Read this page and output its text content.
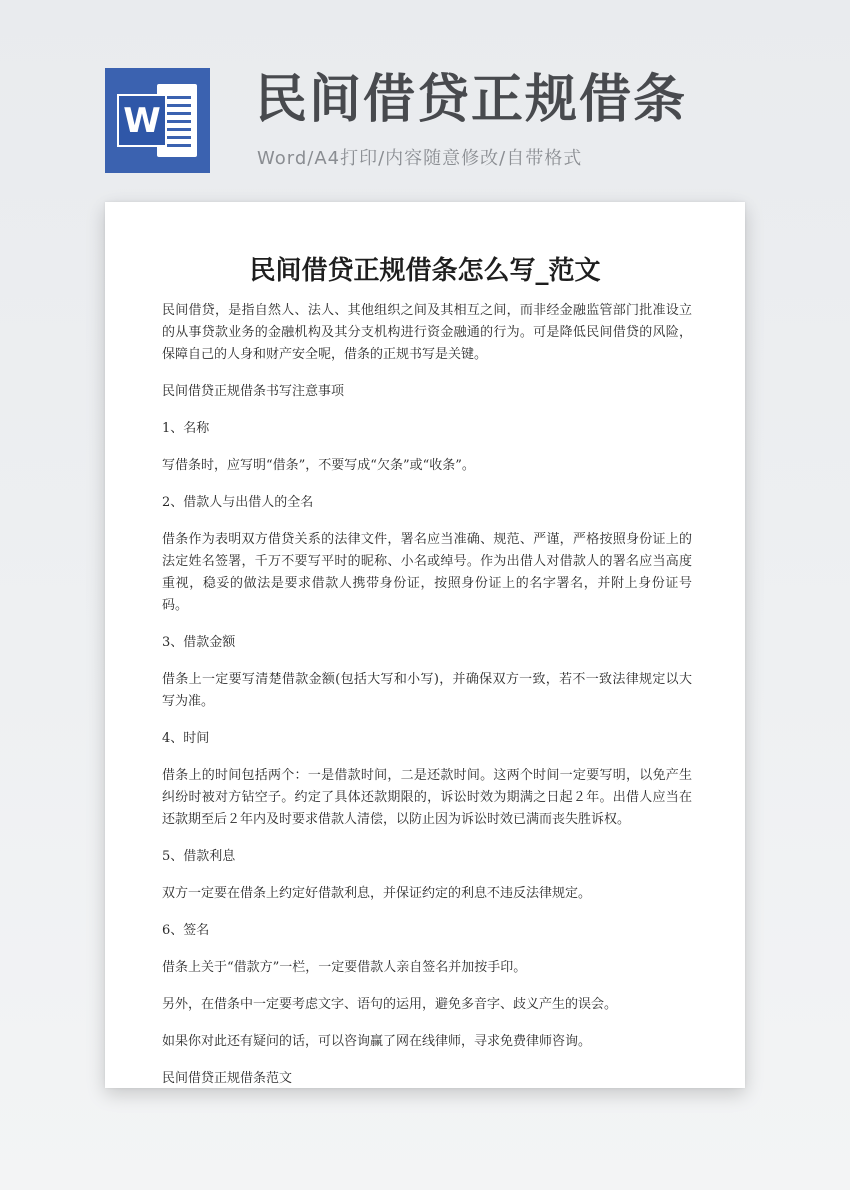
W 民间借贷正规借条
Word/A4打印/内容随意修改/自带格式
民间借贷正规借条怎么写_范文

民间借贷，是指自然人、法人、其他组织之间及其相互之间，而非经金融监管部门批准设立的从事贷款业务的金融机构及其分支机构进行资金融通的行为。可是降低民间借贷的风险，保障自己的人身和财产安全呢，借条的正规书写是关键。

民间借贷正规借条书写注意事项

1、名称

写借条时，应写明“借条”，不要写成“欠条”或“收条”。

2、借款人与出借人的全名

借条作为表明双方借贷关系的法律文件，署名应当准确、规范、严谨，严格按照身份证上的法定姓名签署，千万不要写平时的昵称、小名或绰号。作为出借人对借款人的署名应当高度重视，稳妥的做法是要求借款人携带身份证，按照身份证上的名字署名，并附上身份证号码。

3、借款金额

借条上一定要写清楚借款金额(包括大写和小写)，并确保双方一致，若不一致法律规定以大写为准。

4、时间

借条上的时间包括两个：一是借款时间，二是还款时间。这两个时间一定要写明，以免产生纠纷时被对方钻空子。约定了具体还款期限的，诉讼时效为期满之日起２年。出借人应当在还款期至后２年内及时要求借款人清偿，以防止因为诉讼时效已满而丧失胜诉权。

5、借款利息

双方一定要在借条上约定好借款利息，并保证约定的利息不违反法律规定。

6、签名

借条上关于“借款方”一栏，一定要借款人亲自签名并加按手印。

另外，在借条中一定要考虑文字、语句的运用，避免多音字、歧义产生的误会。

如果你对此还有疑问的话，可以咨询赢了网在线律师，寻求免费律师咨询。

民间借贷正规借条范文
